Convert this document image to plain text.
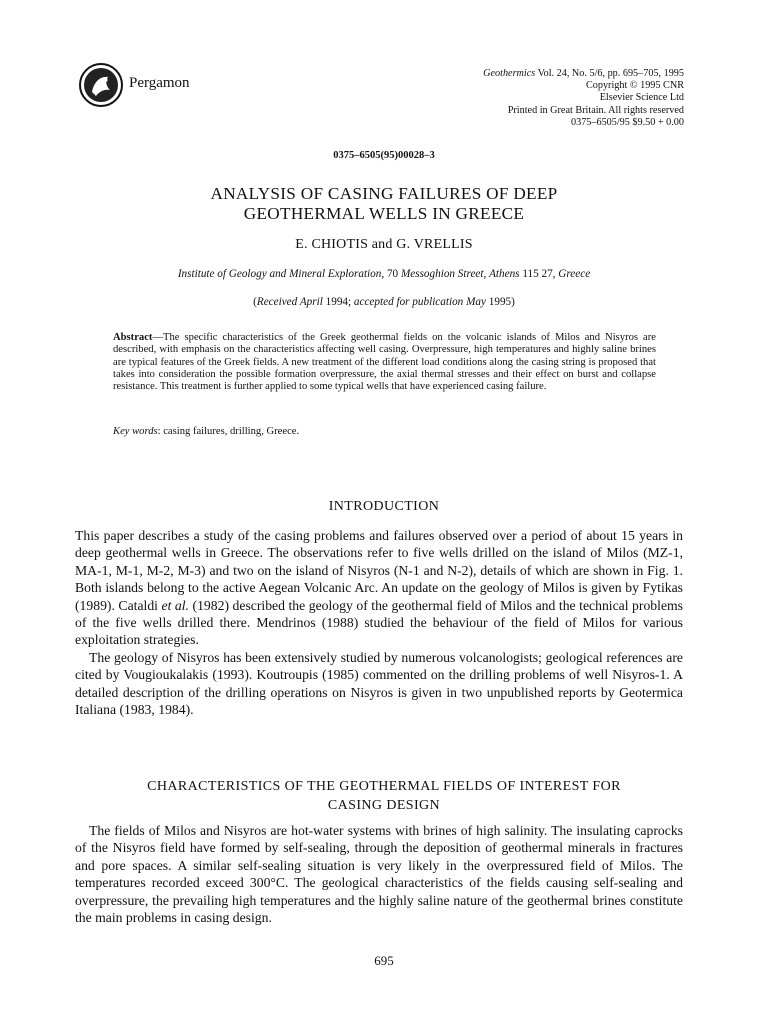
Pergamon
Geothermics Vol. 24, No. 5/6, pp. 695–705, 1995
Copyright © 1995 CNR
Elsevier Science Ltd
Printed in Great Britain. All rights reserved
0375–6505/95 $9.50 + 0.00
0375–6505(95)00028–3
ANALYSIS OF CASING FAILURES OF DEEP
GEOTHERMAL WELLS IN GREECE
E. CHIOTIS and G. VRELLIS
Institute of Geology and Mineral Exploration, 70 Messoghion Street, Athens 115 27, Greece
(Received April 1994; accepted for publication May 1995)
Abstract—The specific characteristics of the Greek geothermal fields on the volcanic islands of Milos and Nisyros are described, with emphasis on the characteristics affecting well casing. Overpressure, high temperatures and highly saline brines are typical features of the Greek fields. A new treatment of the different load conditions along the casing string is proposed that takes into consideration the possible formation overpressure, the axial thermal stresses and their effect on burst and collapse resistance. This treatment is further applied to some typical wells that have experienced casing failure.
Key words: casing failures, drilling, Greece.
INTRODUCTION

This paper describes a study of the casing problems and failures observed over a period of about 15 years in deep geothermal wells in Greece. The observations refer to five wells drilled on the island of Milos (MZ-1, MA-1, M-1, M-2, M-3) and two on the island of Nisyros (N-1 and N-2), details of which are shown in Fig. 1. Both islands belong to the active Aegean Volcanic Arc. An update on the geology of Milos is given by Fytikas (1989). Cataldi et al. (1982) described the geology of the geothermal field of Milos and the technical problems of the five wells drilled there. Mendrinos (1988) studied the behaviour of the field of Milos for various exploitation strategies.

The geology of Nisyros has been extensively studied by numerous volcanologists; geological references are cited by Vougioukalakis (1993). Koutroupis (1985) commented on the drilling problems of well Nisyros-1. A detailed description of the drilling operations on Nisyros is given in two unpublished reports by Geotermica Italiana (1983, 1984).

CHARACTERISTICS OF THE GEOTHERMAL FIELDS OF INTEREST FOR
CASING DESIGN

The fields of Milos and Nisyros are hot-water systems with brines of high salinity. The insulating caprocks of the Nisyros field have formed by self-sealing, through the deposition of geothermal minerals in fractures and pore spaces. A similar self-sealing situation is very likely in the overpressured field of Milos. The temperatures recorded exceed 300°C. The geological characteristics of the fields causing self-sealing and overpressure, the prevailing high temperatures and the highly saline nature of the geothermal brines constitute the main problems in casing design.

695
